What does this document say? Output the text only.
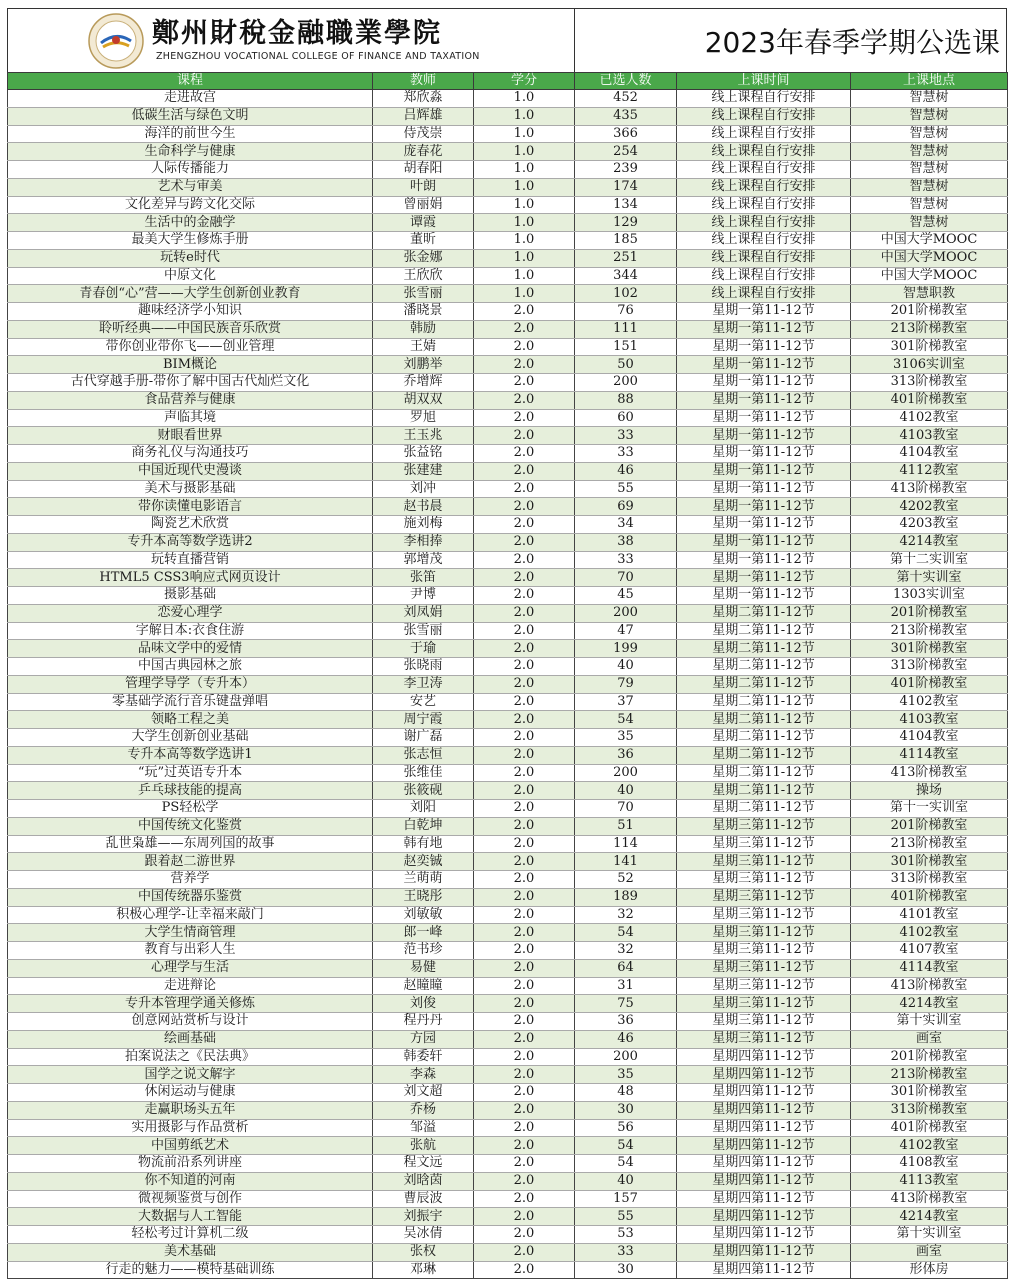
鄭州財稅金融職業學院
ZHENGZHOU VOCATIONAL COLLEGE OF FINANCE AND TAXATION	2023年春季学期公选课
课程	教师	学分	已选人数	上课时间	上课地点
走进故宫	郑欣淼	1.0	452	线上课程自行安排	智慧树
低碳生活与绿色文明	吕辉雄	1.0	435	线上课程自行安排	智慧树
海洋的前世今生	侍茂崇	1.0	366	线上课程自行安排	智慧树
生命科学与健康	庞春花	1.0	254	线上课程自行安排	智慧树
人际传播能力	胡春阳	1.0	239	线上课程自行安排	智慧树
艺术与审美	叶朗	1.0	174	线上课程自行安排	智慧树
文化差异与跨文化交际	曾丽娟	1.0	134	线上课程自行安排	智慧树
生活中的金融学	谭霞	1.0	129	线上课程自行安排	智慧树
最美大学生修炼手册	董昕	1.0	185	线上课程自行安排	中国大学MOOC
玩转e时代	张金娜	1.0	251	线上课程自行安排	中国大学MOOC
中原文化	王欣欣	1.0	344	线上课程自行安排	中国大学MOOC
青春创“心”营——大学生创新创业教育	张雪丽	1.0	102	线上课程自行安排	智慧职教
趣味经济学小知识	潘晓景	2.0	76	星期一第11-12节	201阶梯教室
聆听经典——中国民族音乐欣赏	韩励	2.0	111	星期一第11-12节	213阶梯教室
带你创业带你飞——创业管理	王婧	2.0	151	星期一第11-12节	301阶梯教室
BIM概论	刘鹏举	2.0	50	星期一第11-12节	3106实训室
古代穿越手册-带你了解中国古代灿烂文化	乔增辉	2.0	200	星期一第11-12节	313阶梯教室
食品营养与健康	胡双双	2.0	88	星期一第11-12节	401阶梯教室
声临其境	罗旭	2.0	60	星期一第11-12节	4102教室
财眼看世界	王玉兆	2.0	33	星期一第11-12节	4103教室
商务礼仪与沟通技巧	张益铭	2.0	33	星期一第11-12节	4104教室
中国近现代史漫谈	张建建	2.0	46	星期一第11-12节	4112教室
美术与摄影基础	刘冲	2.0	55	星期一第11-12节	413阶梯教室
带你读懂电影语言	赵书晨	2.0	69	星期一第11-12节	4202教室
陶瓷艺术欣赏	施刘梅	2.0	34	星期一第11-12节	4203教室
专升本高等数学选讲2	李相捧	2.0	38	星期一第11-12节	4214教室
玩转直播营销	郭增茂	2.0	33	星期一第11-12节	第十二实训室
HTML5 CSS3响应式网页设计	张笛	2.0	70	星期一第11-12节	第十实训室
摄影基础	尹博	2.0	45	星期一第11-12节	1303实训室
恋爱心理学	刘凤娟	2.0	200	星期二第11-12节	201阶梯教室
字解日本:衣食住游	张雪丽	2.0	47	星期二第11-12节	213阶梯教室
品味文学中的爱情	于瑜	2.0	199	星期二第11-12节	301阶梯教室
中国古典园林之旅	张晓雨	2.0	40	星期二第11-12节	313阶梯教室
管理学导学（专升本）	李卫涛	2.0	79	星期二第11-12节	401阶梯教室
零基础学流行音乐键盘弹唱	安艺	2.0	37	星期二第11-12节	4102教室
领略工程之美	周宁霞	2.0	54	星期二第11-12节	4103教室
大学生创新创业基础	谢广磊	2.0	35	星期二第11-12节	4104教室
专升本高等数学选讲1	张志恒	2.0	36	星期二第11-12节	4114教室
“玩”过英语专升本	张维佳	2.0	200	星期二第11-12节	413阶梯教室
乒乓球技能的提高	张筱砚	2.0	40	星期二第11-12节	操场
PS轻松学	刘阳	2.0	70	星期二第11-12节	第十一实训室
中国传统文化鉴赏	白乾坤	2.0	51	星期三第11-12节	201阶梯教室
乱世枭雄——东周列国的故事	韩有地	2.0	114	星期三第11-12节	213阶梯教室
跟着赵二游世界	赵奕铖	2.0	141	星期三第11-12节	301阶梯教室
营养学	兰萌萌	2.0	52	星期三第11-12节	313阶梯教室
中国传统器乐鉴赏	王晓彤	2.0	189	星期三第11-12节	401阶梯教室
积极心理学-让幸福来敲门	刘敏敏	2.0	32	星期三第11-12节	4101教室
大学生情商管理	郎一峰	2.0	54	星期三第11-12节	4102教室
教育与出彩人生	范书珍	2.0	32	星期三第11-12节	4107教室
心理学与生活	易健	2.0	64	星期三第11-12节	4114教室
走进辩论	赵瞳瞳	2.0	31	星期三第11-12节	413阶梯教室
专升本管理学通关修炼	刘俊	2.0	75	星期三第11-12节	4214教室
创意网站赏析与设计	程丹丹	2.0	36	星期三第11-12节	第十实训室
绘画基础	方园	2.0	46	星期三第11-12节	画室
拍案说法之《民法典》	韩委轩	2.0	200	星期四第11-12节	201阶梯教室
国学之说文解字	李森	2.0	35	星期四第11-12节	213阶梯教室
休闲运动与健康	刘文超	2.0	48	星期四第11-12节	301阶梯教室
走赢职场头五年	乔杨	2.0	30	星期四第11-12节	313阶梯教室
实用摄影与作品赏析	邹溢	2.0	56	星期四第11-12节	401阶梯教室
中国剪纸艺术	张航	2.0	54	星期四第11-12节	4102教室
物流前沿系列讲座	程文远	2.0	54	星期四第11-12节	4108教室
你不知道的河南	刘晗茵	2.0	40	星期四第11-12节	4113教室
微视频鉴赏与创作	曹辰波	2.0	157	星期四第11-12节	413阶梯教室
大数据与人工智能	刘振宇	2.0	55	星期四第11-12节	4214教室
轻松考过计算机二级	吴冰倩	2.0	53	星期四第11-12节	第十实训室
美术基础	张权	2.0	33	星期四第11-12节	画室
行走的魅力——模特基础训练	邓琳	2.0	30	星期四第11-12节	形体房
